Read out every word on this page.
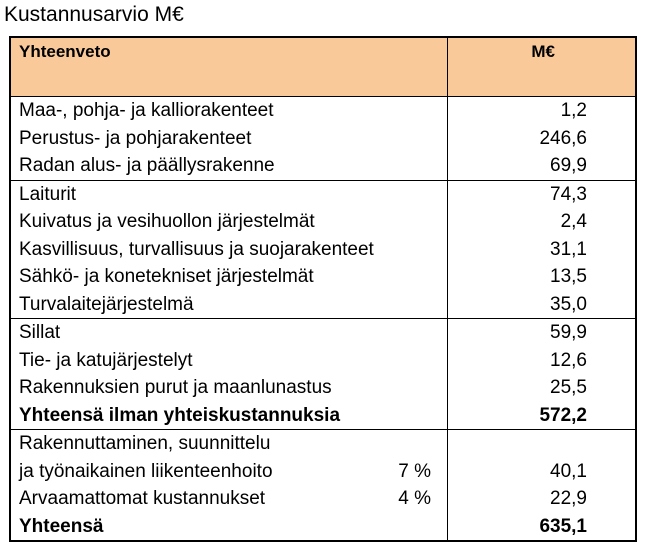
Kustannusarvio M€
Yhteenveto	M€
Maa-, pohja- ja kalliorakenteet	1,2
Perustus- ja pohjarakenteet	246,6
Radan alus- ja päällysrakenne	69,9
Laiturit	74,3
Kuivatus ja vesihuollon järjestelmät	2,4
Kasvillisuus, turvallisuus ja suojarakenteet	31,1
Sähkö- ja konetekniset järjestelmät	13,5
Turvalaitejärjestelmä	35,0
Sillat	59,9
Tie- ja katujärjestelyt	12,6
Rakennuksien purut ja maanlunastus	25,5
Yhteensä ilman yhteiskustannuksia	572,2
Rakennuttaminen, suunnittelu	
ja työnaikainen liikenteenhoito 7 %	40,1
Arvaamattomat kustannukset 4 %	22,9
Yhteensä	635,1
